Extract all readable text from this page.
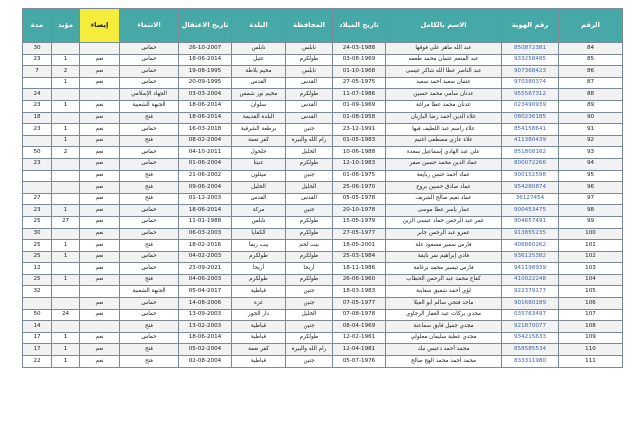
الرقم	رقم الهوية	الاسم بالكامل	تاريخ الميلاد	المحافظة	البلدة	تاريخ الاعتقال	الانتماء	إيصاء	مؤبد	مدة
84	850872381	عبد الله ماهر علي فوقها	24-03-1988	نابلس	نابلس	26-10-2007	حماس			30
85	933258485	عبد المنعم عثمان محمد طعمه	03-08-1969	طولكرم	عتيل	18-06-2014	حماس	نعم	1	23
86	907368423	عبد الناصر عطا الله شاكر عيسى	01-10-1968	نابلس	مخيم بلاطة	19-08-1995	حماس	نعم	2	7
87	970380374	عثمان سعيد أحمد سعيد	27-05-1975	القدس	القدس	20-09-1995	حماس	نعم	1	
88	955567312	عدنان سامي محمد حسين	11-07-1986	طولكرم	مخيم نور شمس	03-03-2004	الجهاد الإسلامي			24
89	023490939	عدنان محمد عطا مراغة	01-09-1969	القدس	سلوان	18-06-2014	الجبهة الشعبية	نعم	1	23
90	080236185	علاء الدين أحمد رضا البازيان	01-08-1958	القدس	البلدة القديمة	18-06-2014	فتح	نعم		18
91	854158641	علاء راسم عبد اللطيف قبها	23-12-1991	جنين	برطعة الشرقية	16-03-2018	حماس	نعم	1	23
92	411380439	علاء عازي مصطفى اغنيم	01-05-1983	رام الله والبيرة	كفر نعمة	08-02-2004	فتح	نعم	1	
93	851808162	علي عبد الهادي إسماعيل سعدة	10-06-1988	الخليل	حلحول	04-10-2011	حماس	نعم	2	50
94	800072266	عماد الدين محمد حسين صفر	12-10-1983	طولكرم	عنبتا	01-06-2004	حماس	نعم		23
95	900152598	عماد أحمد حسن ربايعة	01-06-1975	جنين	ميثلون	21-06-2002	فتح	نعم		
96	954280874	عماد صادق حسين بروح	25-06-1970	الخليل	الخليل	09-06-2004	فتح	نعم		
97	36127454	عماد نعيم صالح الشريف	05-05-1978	القدس	القدس	01-12-2003	فتح	نعم		27
98	900453475	عمار ياسر عطا موسى	20-10-1978	جنين	مركة	18-06-2014	حماس	نعم	1	23
99	904657491	عمر عبد الرحمن حماد عيسى الزين	15-05-1979	طولكرم	نابلس	11-01-1988	حماس	نعم	27	25
100	913855235	عمرو عبد الرحمن جابر	27-05-1977	طولكرم	الكفايا	06-03-2003	حماس	نعم		30
101	406860262	فارس سمير مسعود علة	18-05-2001	بيت لحم	بيت ريما	18-02-2016	فتح	نعم	1	25
102	936125382	فادي إبراهيم نمر نايفة	25-03-1984	طولكرم	طولكرم	04-02-2003	حماس	نعم	1	25
103	941198939	فارس تيسير محمد برغامة	18-11-1986	أريحا	أريحا	23-09-2021	حماس	نعم		12
104	410022248	كفاح محمد عبد الرحمن الحطاب	26-06-1960	طولكرم	طولكرم	04-06-2003	فتح	نعم	1	25
105	922379177	لؤي أحمد شفيق سعاينة	18-03-1983	جنين	قباطية	05-04-2017	الجبهة الشعبية			32
106	901680189	ماجد فتحي سالم أبو العيلا	07-05-1977	جنين	غزة	14-08-2006	حماس	نعم		
107	035763497	مجدي بركات عبد الغفار الرجاوي	07-08-1978	الخليل	دار الجوز	13-09-2003	حماس	نعم	24	50
108	921870077	مجدي جميل فايق سماعنة	08-04-1969	جنين	قباطية	13-02-2003	فتح			14
109	934215633	مجدي عطية سليمان معلولي	12-02-1961	طولكرم	قباطية	18-06-2014	حماس	نعم	1	17
110	858585534	محمد أحمد دعيس نبك	12-04-1981	رام الله والبيرة	كفر نعمة	05-02-2004	فتح	نعم	1	17
111	833311980	محمد أحمد محمد الهج صالح	05-07-1976	جنين	قباطية	02-08-2004	فتح	نعم	1	22
